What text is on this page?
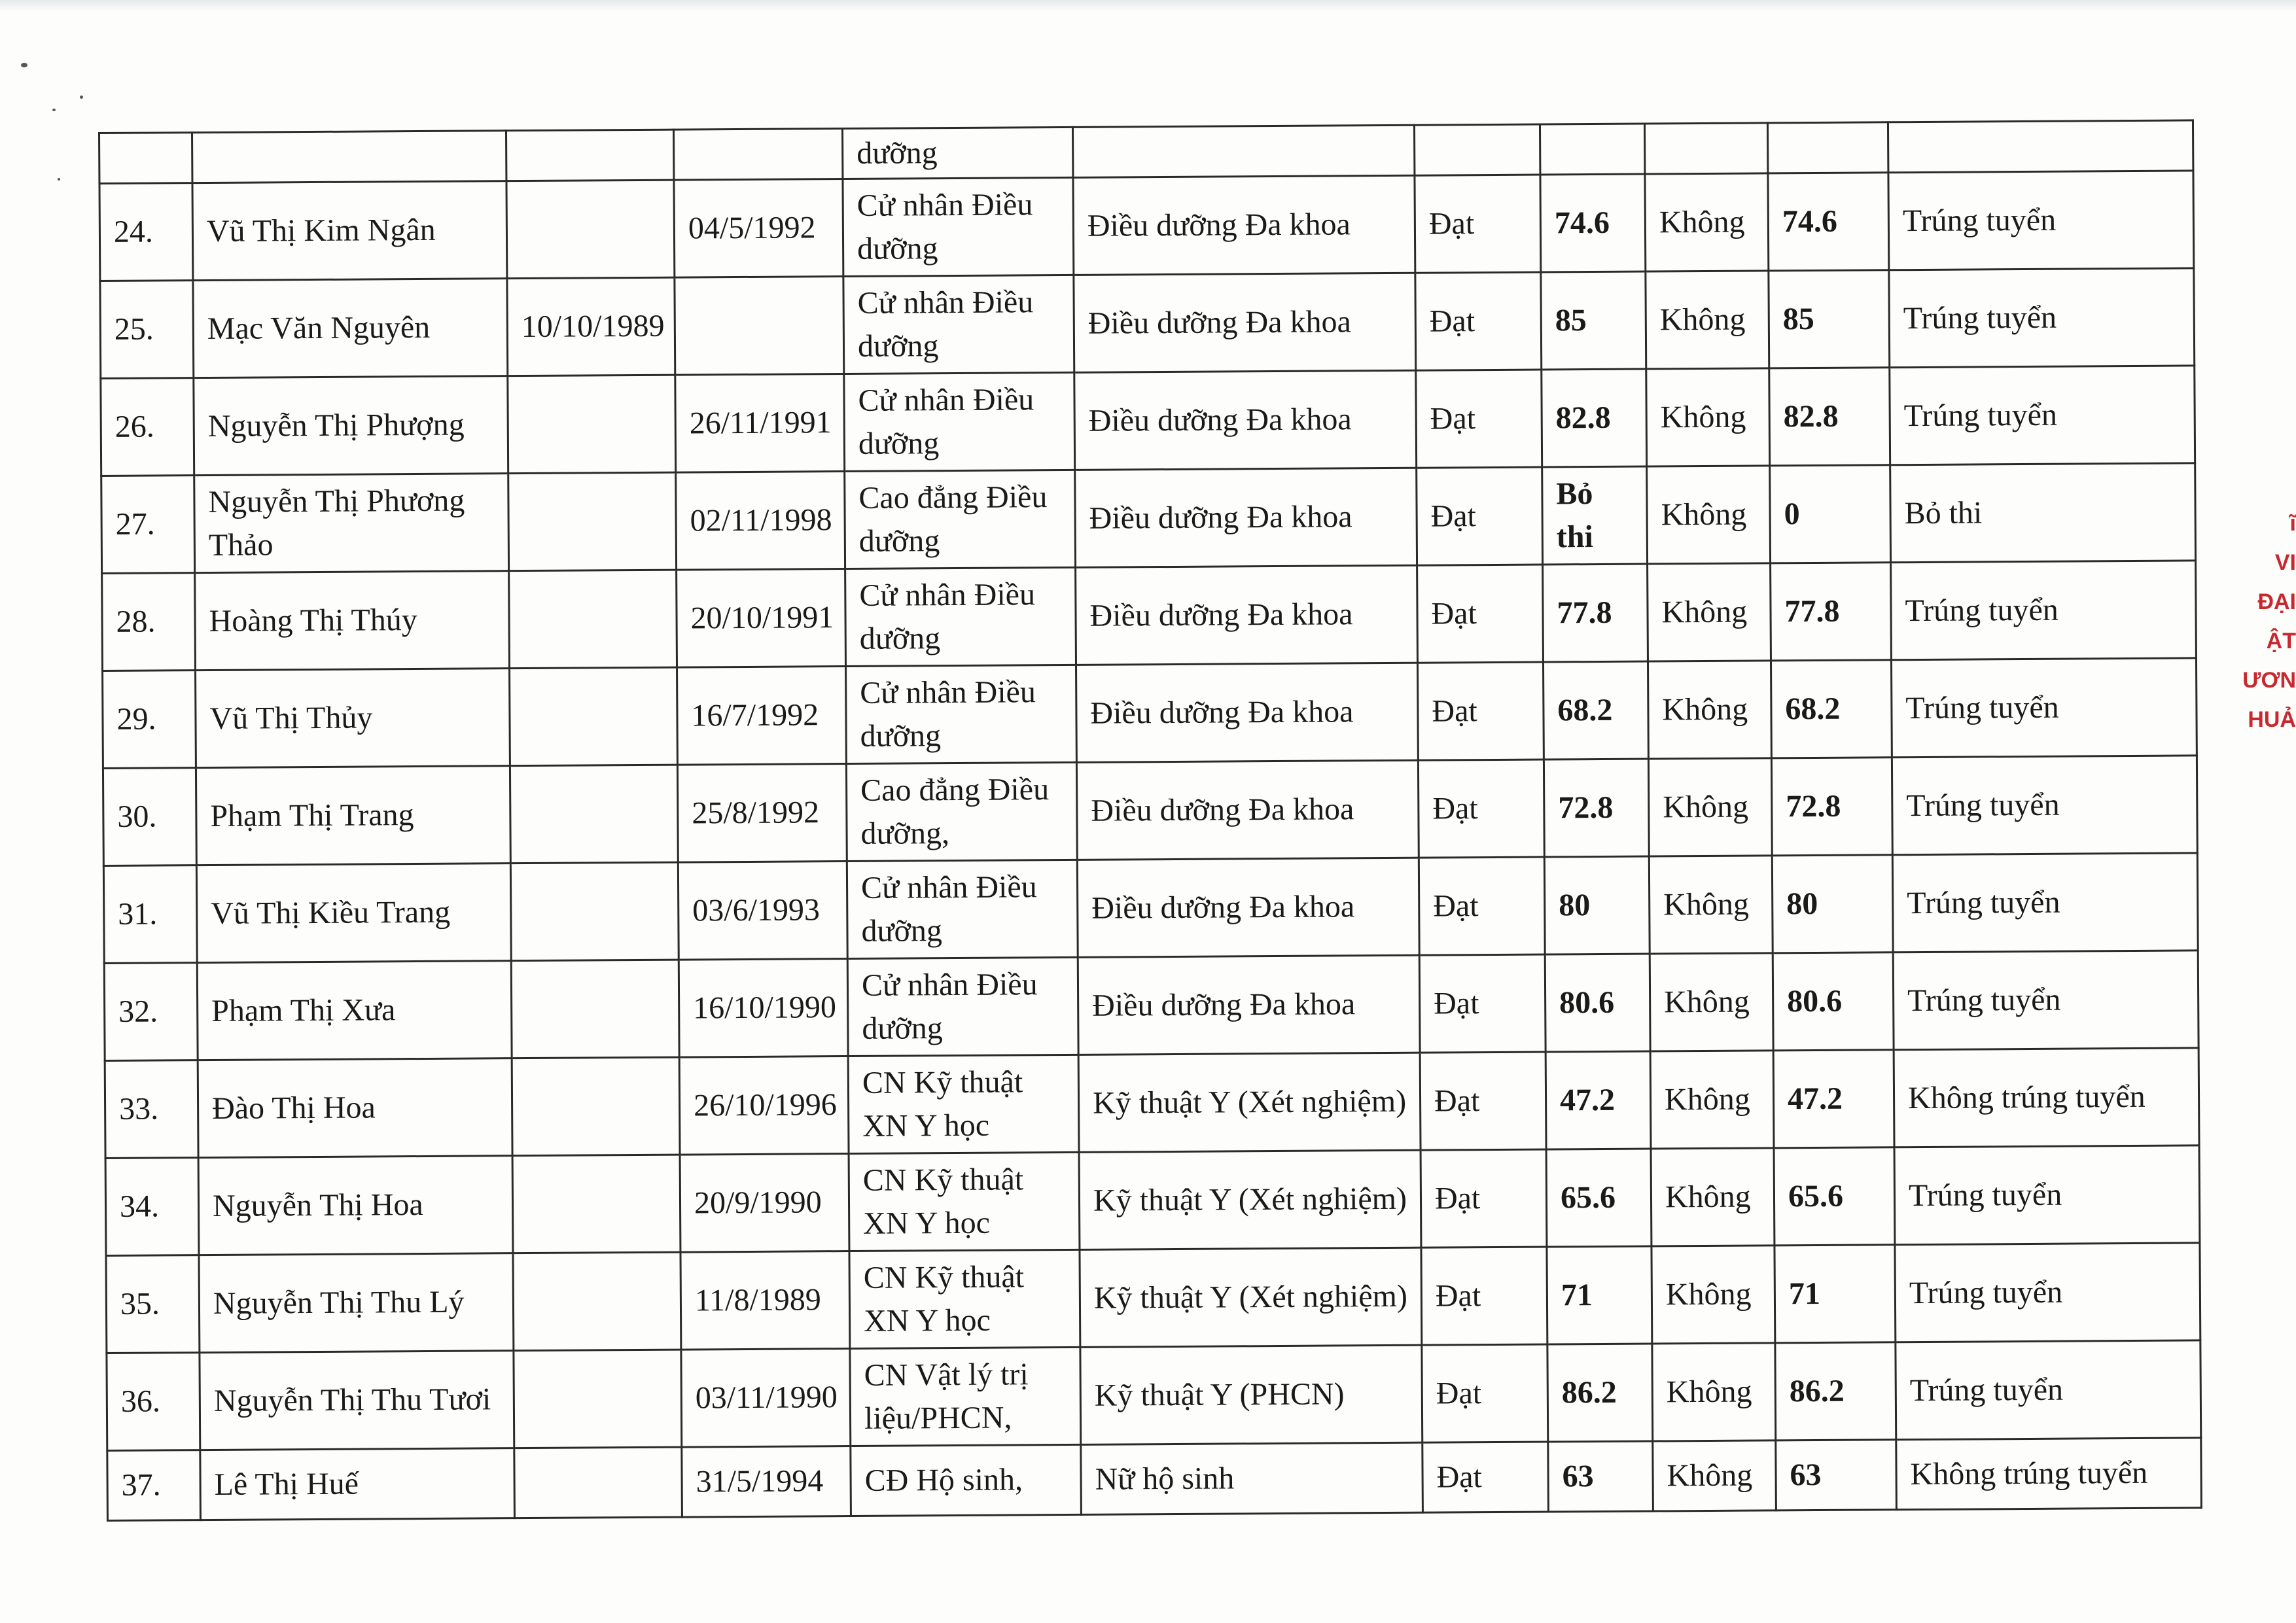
				dưỡng						
24.	Vũ Thị Kim Ngân		04/5/1992	Cử nhân Điều dưỡng	Điều dưỡng Đa khoa	Đạt	74.6	Không	74.6	Trúng tuyển
25.	Mạc Văn Nguyên	10/10/1989		Cử nhân Điều dưỡng	Điều dưỡng Đa khoa	Đạt	85	Không	85	Trúng tuyển
26.	Nguyễn Thị Phượng		26/11/1991	Cử nhân Điều dưỡng	Điều dưỡng Đa khoa	Đạt	82.8	Không	82.8	Trúng tuyển
27.	Nguyễn Thị Phương Thảo		02/11/1998	Cao đẳng Điều dưỡng	Điều dưỡng Đa khoa	Đạt	Bỏ thi	Không	0	Bỏ thi
28.	Hoàng Thị Thúy		20/10/1991	Cử nhân Điều dưỡng	Điều dưỡng Đa khoa	Đạt	77.8	Không	77.8	Trúng tuyển
29.	Vũ Thị Thủy		16/7/1992	Cử nhân Điều dưỡng	Điều dưỡng Đa khoa	Đạt	68.2	Không	68.2	Trúng tuyển
30.	Phạm Thị Trang		25/8/1992	Cao đẳng Điều dưỡng,	Điều dưỡng Đa khoa	Đạt	72.8	Không	72.8	Trúng tuyển
31.	Vũ Thị Kiều Trang		03/6/1993	Cử nhân Điều dưỡng	Điều dưỡng Đa khoa	Đạt	80	Không	80	Trúng tuyển
32.	Phạm Thị Xưa		16/10/1990	Cử nhân Điều dưỡng	Điều dưỡng Đa khoa	Đạt	80.6	Không	80.6	Trúng tuyển
33.	Đào Thị Hoa		26/10/1996	CN Kỹ thuật XN Y học	Kỹ thuật Y (Xét nghiệm)	Đạt	47.2	Không	47.2	Không trúng tuyển
34.	Nguyễn Thị Hoa		20/9/1990	CN Kỹ thuật XN Y học	Kỹ thuật Y (Xét nghiệm)	Đạt	65.6	Không	65.6	Trúng tuyển
35.	Nguyễn Thị Thu Lý		11/8/1989	CN Kỹ thuật XN Y học	Kỹ thuật Y (Xét nghiệm)	Đạt	71	Không	71	Trúng tuyển
36.	Nguyễn Thị Thu Tươi		03/11/1990	CN Vật lý trị liệu/PHCN,	Kỹ thuật Y (PHCN)	Đạt	86.2	Không	86.2	Trúng tuyển
37.	Lê Thị Huế		31/5/1994	CĐ Hộ sinh,	Nữ hộ sinh	Đạt	63	Không	63	Không trúng tuyển
ĩ
VI
ĐẠI
ẬT
ƯƠN
HUẢ
